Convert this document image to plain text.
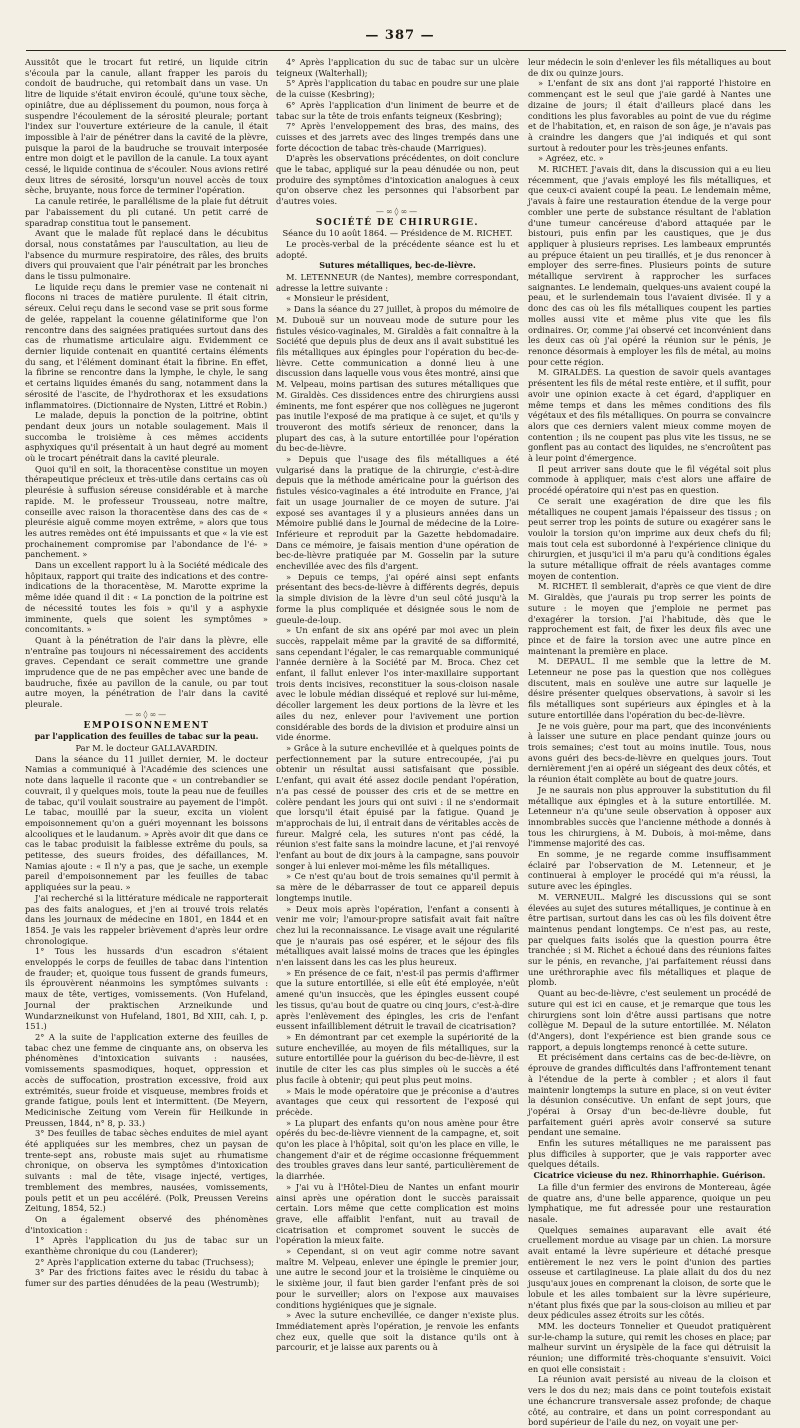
— 387 —

Aussitôt que le trocart fut retiré, un liquide citrin s'écoula par la canule, allant frapper les parois du condoit de baudruche, qui retombait dans un vase. Un litre de liquide s'était environ écoulé, qu'une toux sèche, opiniâtre, due au déplissement du poumon, nous força à suspendre l'écoulement de la sérosité pleurale; portant l'index sur l'ouverture extérieure de la canule, il était impossible à l'air de pénétrer dans la cavité de la plèvre, puisque la paroi de la baudruche se trouvait interposée entre mon doigt et le pavillon de la canule. La toux ayant cessé, le liquide continua de s'écouler. Nous avions retiré deux litres de sérosité, lorsqu'un nouvel accès de toux sèche, bruyante, nous force de terminer l'opération.

La canule retirée, le parallélisme de la plaie fut détruit par l'abaissement du pli cutané. Un petit carré de sparadrap constitua tout le pansement.

Avant que le malade fût replacé dans le décubitus dorsal, nous constatâmes par l'auscultation, au lieu de l'absence du murmure respiratoire, des râles, des bruits divers qui prouvaient que l'air pénétrait par les bronches dans le tissu pulmonaire.

Le liquide reçu dans le premier vase ne contenait ni flocons ni traces de matière purulente. Il était citrin, séreux. Celui reçu dans le second vase se prit sous forme de gelée, rappelant la couenne gélatiniforme que l'on rencontre dans des saignées pratiquées surtout dans des cas de rhumatisme articulaire aigu. Evidemment ce dernier liquide contenait en quantité certains éléments du sang, et l'élément dominant était la fibrine. En effet, la fibrine se rencontre dans la lymphe, le chyle, le sang et certains liquides émanés du sang, notamment dans la sérosité de l'ascite, de l'hydrothorax et les exsudations inflammatoires. (Dictionnaire de Nysten, Littré et Robin.)

Le malade, depuis la ponction de la poitrine, obtint pendant deux jours un notable soulagement. Mais il succomba le troisième à ces mêmes accidents asphyxiques qu'il présentait à un haut degré au moment où le trocart pénétrait dans la cavité pleurale.

Quoi qu'il en soit, la thoracentèse constitue un moyen thérapeutique précieux et très-utile dans certains cas où pleurésie à suffusion séreuse considérable et à marche rapide. M. le professeur Trousseau, notre maître, conseille avec raison la thoracentèse dans des cas de « pleurésie aiguë comme moyen extrême, » alors que tous les autres remèdes ont été impuissants et que « la vie est prochainement compromise par l'abondance de l'é- » panchement. »

Dans un excellent rapport lu à la Société médicale des hôpitaux, rapport qui traite des indications et des contre-indications de la thoracentèse, M. Marotte exprime la même idée quand il dit : « La ponction de la poitrine est de nécessité toutes les fois » qu'il y a asphyxie imminente, quels que soient les symptômes » concomitants. »

Quant à la pénétration de l'air dans la plèvre, elle n'entraîne pas toujours ni nécessairement des accidents graves. Cependant ce serait commettre une grande imprudence que de ne pas empêcher avec une bande de baudruche, fixée au pavillon de la canule, ou par tout autre moyen, la pénétration de l'air dans la cavité pleurale.

—∞◊∞—

EMPOISONNEMENT

par l'application des feuilles de tabac sur la peau.

Par M. le docteur GALLAVARDIN.

Dans la séance du 11 juillet dernier, M. le docteur Namias a communiqué à l'Académie des sciences une note dans laquelle il raconte que « un contrebandier se couvrait, il y quelques mois, toute la peau nue de feuilles de tabac, qu'il voulait soustraire au payement de l'impôt. Le tabac, mouillé par la sueur, excita un violent empoisonnement qu'on a guéri moyennant les boissons alcooliques et le laudanum. » Après avoir dit que dans ce cas le tabac produisit la faiblesse extrême du pouls, sa petitesse, des sueurs froides, des défaillances, M. Namias ajoute : « Il n'y a pas, que je sache, un exemple pareil d'empoisonnement par les feuilles de tabac appliquées sur la peau. »

J'ai recherché si la littérature médicale ne rapporterait pas des faits analogues, et j'en ai trouvé trois relatés dans les journaux de médecine en 1801, en 1844 et en 1854. Je vais les rappeler brièvement d'après leur ordre chronologique.

1° Tous les hussards d'un escadron s'étaient enveloppés le corps de feuilles de tabac dans l'intention de frauder; et, quoique tous fussent de grands fumeurs, ils éprouvèrent néanmoins les symptômes suivants : maux de tête, vertiges, vomissements. (Von Hufeland, Journal der praktischen Arzneikunde und Wundarzneikunst von Hufeland, 1801, Bd XIII, cah. I, p. 151.)

2° A la suite de l'application externe des feuilles de tabac chez une femme de cinquante ans, on observa les phénomènes d'intoxication suivants : nausées, vomissements spasmodiques, hoquet, oppression et accès de suffocation, prostration excessive, froid aux extrémités, sueur froide et visqueuse, membres froids et grande fatigue, pouls lent et intermittent. (De Meyern, Medicinische Zeitung vom Verein für Heilkunde in Preussen, 1844, n° 8, p. 33.)

3° Des feuilles de tabac sèches enduites de miel ayant été appliquées sur les membres, chez un paysan de trente-sept ans, robuste mais sujet au rhumatisme chronique, on observa les symptômes d'intoxication suivants : mal de tête, visage injecté, vertiges, tremblement des membres, nausées, vomissements, pouls petit et un peu accéléré. (Polk, Preussen Vereins Zeitung, 1854, 52.)

On a également observé des phénomènes d'intoxication :

1° Après l'application du jus de tabac sur un exanthème chronique du cou (Landerer);

2° Après l'application externe du tabac (Truchsess);

3° Par des frictions faites avec le résidu du tabac à fumer sur des parties dénudées de la peau (Westrumb);

4° Après l'application du suc de tabac sur un ulcère teigneux (Walterhall);

5° Après l'application du tabac en poudre sur une plaie de la cuisse (Kesbring);

6° Après l'application d'un liniment de beurre et de tabac sur la tête de trois enfants teigneux (Kesbring);

7° Après l'enveloppement des bras, des mains, des cuisses et des jarrets avec des linges trempés dans une forte décoction de tabac très-chaude (Marrigues).

D'après les observations précédentes, on doit conclure que le tabac, appliqué sur la peau dénudée ou non, peut produire des symptômes d'intoxication analogues à ceux qu'on observe chez les personnes qui l'absorbent par d'autres voies.

—∞◊∞—

SOCIÉTÉ DE CHIRURGIE.

Séance du 10 août 1864. — Présidence de M. RICHET.

Le procès-verbal de la précédente séance est lu et adopté.

Sutures métalliques, bec-de-lièvre.

M. LETENNEUR (de Nantes), membre correspondant, adresse la lettre suivante :

« Monsieur le président,

» Dans la séance du 27 juillet, à propos du mémoire de M. Dubouë sur un nouveau mode de suture pour les fistules vésico-vaginales, M. Giraldès a fait connaître à la Société que depuis plus de deux ans il avait substitué les fils métalliques aux épingles pour l'opération du bec-de-lièvre. Cette communication a donné lieu à une discussion dans laquelle vous vous êtes montré, ainsi que M. Velpeau, moins partisan des sutures métalliques que M. Giraldès. Ces dissidences entre des chirurgiens aussi éminents, me font espérer que nos collègues ne jugeront pas inutile l'exposé de ma pratique à ce sujet, et qu'ils y trouveront des motifs sérieux de renoncer, dans la plupart des cas, à la suture entortillée pour l'opération du bec-de-lièvre.

» Depuis que l'usage des fils métalliques a été vulgarisé dans la pratique de la chirurgie, c'est-à-dire depuis que la méthode américaine pour la guérison des fistules vésico-vaginales a été introduite en France, j'ai fait un usage journalier de ce moyen de suture. J'ai exposé ses avantages il y a plusieurs années dans un Mémoire publié dans le Journal de médecine de la Loire-Inférieure et reproduit par la Gazette hebdomadaire. Dans ce mémoire, je faisais mention d'une opération de bec-de-lièvre pratiquée par M. Gosselin par la suture enchevillée avec des fils d'argent.

» Depuis ce temps, j'ai opéré ainsi sept enfants présentant des becs-de-lièvre à différents degrés, depuis la simple division de la lèvre d'un seul côté jusqu'à la forme la plus compliquée et désignée sous le nom de gueule-de-loup.

» Un enfant de six ans opéré par moi avec un plein succès, rappelait même par la gravité de sa difformité, sans cependant l'égaler, le cas remarquable communiqué l'année dernière à la Société par M. Broca. Chez cet enfant, il fallut enlever l'os inter-maxillaire supportant trois dents incisives, reconstituer la sous-cloison nasale avec le lobule médian disséqué et replové sur lui-même, décoller largement les deux portions de la lèvre et les ailes du nez, enlever pour l'avivement une portion considérable des bords de la division et produire ainsi un vide énorme.

» Grâce à la suture enchevillée et à quelques points de perfectionnement par la suture entrecoupée, j'ai pu obtenir un résultat aussi satisfaisant que possible. L'enfant, qui avait été assez docile pendant l'opération, n'a pas cessé de pousser des cris et de se mettre en colère pendant les jours qui ont suivi : il ne s'endormait que lorsqu'il était épuisé par la fatigue. Quand je m'approchais de lui, il entrait dans de véritables accès de fureur. Malgré cela, les sutures n'ont pas cédé, la réunion s'est faite sans la moindre lacune, et j'ai renvoyé l'enfant au bout de dix jours à la campagne, sans pouvoir songer à lui enlever moi-même les fils métalliques.

» Ce n'est qu'au bout de trois semaines qu'il permit à sa mère de le débarrasser de tout ce appareil depuis longtemps inutile.

» Deux mois après l'opération, l'enfant a consenti à venir me voir; l'amour-propre satisfait avait fait naître chez lui la reconnaissance. Le visage avait une régularité que je n'aurais pas osé espérer, et le séjour des fils métalliques avait laissé moins de traces que les épingles n'en laissent dans les cas les plus heureux.

» En présence de ce fait, n'est-il pas permis d'affirmer que la suture entortillée, si elle eût été employée, n'eût amené qu'un insuccès, que les épingles eussent coupé les tissus, qu'au bout de quatre ou cinq jours, c'est-à-dire après l'enlèvement des épingles, les cris de l'enfant eussent infailliblement détruit le travail de cicatrisation?

» En démontrant par cet exemple la supériorité de la suture enchevillée, au moyen de fils métalliques, sur la suture entortillée pour la guérison du bec-de-lièvre, il est inutile de citer les cas plus simples où le succès a été plus facile à obtenir; qui peut plus peut moins.

» Mais le mode opératoire que je préconise a d'autres avantages que ceux qui ressortent de l'exposé qui précède.

» La plupart des enfants qu'on nous amène pour être opérés du bec-de-lièvre viennent de la campagne, et, soit qu'on les place à l'hôpital, soit qu'on les place en ville, le changement d'air et de régime occasionne fréquemment des troubles graves dans leur santé, particulièrement de la diarrhée.

» J'ai vu à l'Hôtel-Dieu de Nantes un enfant mourir ainsi après une opération dont le succès paraissait certain. Lors même que cette complication est moins grave, elle affaiblit l'enfant, nuit au travail de cicatrisation et compromet souvent le succès de l'opération la mieux faite.

» Cependant, si on veut agir comme notre savant maître M. Velpeau, enlever une épingle le premier jour, une autre le second jour et la troisième le cinquième ou le sixième jour, il faut bien garder l'enfant près de soi pour le surveiller; alors on l'expose aux mauvaises conditions hygiéniques que je signale.

» Avec la suture enchevillée, ce danger n'existe plus. Immédiatement après l'opération, je renvoie les enfants chez eux, quelle que soit la distance qu'ils ont à parcourir, et je laisse aux parents ou à

leur médecin le soin d'enlever les fils métalliques au bout de dix ou quinze jours.

» L'enfant de six ans dont j'ai rapporté l'histoire en commençant est le seul que j'aie gardé à Nantes une dizaine de jours; il était d'ailleurs placé dans les conditions les plus favorables au point de vue du régime et de l'habitation, et, en raison de son âge, je n'avais pas à craindre les dangers que j'ai indiqués et qui sont surtout à redouter pour les très-jeunes enfants.

» Agréez, etc. »

M. RICHET. J'avais dit, dans la discussion qui a eu lieu récemment, que j'avais employé les fils métalliques, et que ceux-ci avaient coupé la peau. Le lendemain même, j'avais à faire une restauration étendue de la verge pour combler une perte de substance résultant de l'ablation d'une tumeur cancéreuse d'abord attaquée par le bistouri, puis enfin par les caustiques, que je dus appliquer à plusieurs reprises. Les lambeaux empruntés au prépuce étaient un peu tiraillés, et je dus renoncer à employer des serre-fines. Plusieurs points de suture métallique servirent à rapprocher les surfaces saignantes. Le lendemain, quelques-uns avaient coupé la peau, et le surlendemain tous l'avaient divisée. Il y a donc des cas où les fils métalliques coupent les parties molles aussi vite et même plus vite que les fils ordinaires. Or, comme j'ai observé cet inconvénient dans les deux cas où j'ai opéré la réunion sur le pénis, je renonce désormais à employer les fils de métal, au moins pour cette région.

M. GIRALDÈS. La question de savoir quels avantages présentent les fils de métal reste entière, et il suffit, pour avoir une opinion exacte à cet égard, d'appliquer en même temps et dans les mêmes conditions des fils végétaux et des fils métalliques. On pourra se convaincre alors que ces derniers valent mieux comme moyen de contention ; ils ne coupent pas plus vite les tissus, ne se gonflent pas au contact des liquides, ne s'encroûtent pas à leur point d'émergence.

Il peut arriver sans doute que le fil végétal soit plus commode à appliquer, mais c'est alors une affaire de procédé opératoire qui n'est pas en question.

Ce serait une exagération de dire que les fils métalliques ne coupent jamais l'épaisseur des tissus ; on peut serrer trop les points de suture ou exagérer sans le vouloir la torsion qu'on imprime aux deux chefs du fil; mais tout cela est subordonné à l'expérience clinique du chirurgien, et jusqu'ici il m'a paru qu'à conditions égales la suture métallique offrait de réels avantages comme moyen de contention.

M. RICHET. Il semblerait, d'après ce que vient de dire M. Giraldès, que j'aurais pu trop serrer les points de suture : le moyen que j'emploie ne permet pas d'exagérer la torsion. J'ai l'habitude, dès que le rapprochement est fait, de fixer les deux fils avec une pince et de faire la torsion avec une autre pince en maintenant la première en place.

M. DEPAUL. Il me semble que la lettre de M. Letenneur ne pose pas la question que nos collègues discutent, mais en soulève une autre sur laquelle je désire présenter quelques observations, à savoir si les fils métalliques sont supérieurs aux épingles et à la suture entortillée dans l'opération du bec-de-lièvre.

Je ne vois guère, pour ma part, que des inconvénients à laisser une suture en place pendant quinze jours ou trois semaines; c'est tout au moins inutile. Tous, nous avons guéri des becs-de-lièvre en quelques jours. Tout dernièrement j'en ai opéré un siégeant des deux côtés, et la réunion était complète au bout de quatre jours.

Je ne saurais non plus approuver la substitution du fil métallique aux épingles et à la suture entortillée. M. Letenneur n'a qu'une seule observation à opposer aux innombrables succès que l'ancienne méthode a donnés à tous les chirurgiens, à M. Dubois, à moi-même, dans l'immense majorité des cas.

En somme, je ne regarde comme insuffisamment éclairé par l'observation de M. Letenneur, et je continuerai à employer le procédé qui m'a réussi, la suture avec les épingles.

M. VERNEUIL. Malgré les discussions qui se sont élevées au sujet des sutures métalliques, je continue à en être partisan, surtout dans les cas où les fils doivent être maintenus pendant longtemps. Ce n'est pas, au reste, par quelques faits isolés que la question pourra être tranchée ; si M. Richet a échoué dans des réunions faites sur le pénis, en revanche, j'ai parfaitement réussi dans une uréthroraphie avec fils métalliques et plaque de plomb.

Quant au bec-de-lièvre, c'est seulement un procédé de suture qui est ici en cause, et je remarque que tous les chirurgiens sont loin d'être aussi partisans que notre collègue M. Depaul de la suture entortillée. M. Nélaton (d'Angers), dont l'expérience est bien grande sous ce rapport, a depuis longtemps renoncé à cette suture.

Et précisément dans certains cas de bec-de-lièvre, on éprouve de grandes difficultés dans l'affrontement tenant à l'étendue de la perte à combler ; et alors il faut maintenir longtemps la suture en place, si on veut éviter la désunion consécutive. Un enfant de sept jours, que j'opérai à Orsay d'un bec-de-lièvre double, fut parfaitement guéri après avoir conservé sa suture pendant une semaine.

Enfin les sutures métalliques ne me paraissent pas plus difficiles à supporter, que je vais rapporter avec quelques détails.

Cicatrice vicieuse du nez. Rhinorrhaphie. Guérison.

La fille d'un fermier des environs de Montereau, âgée de quatre ans, d'une belle apparence, quoique un peu lymphatique, me fut adressée pour une restauration nasale.

Quelques semaines auparavant elle avait été cruellement mordue au visage par un chien. La morsure avait entamé la lèvre supérieure et détaché presque entièrement le nez vers le point d'union des parties osseuse et cartilagineuse. La plaie allait du dos du nez jusqu'aux joues en comprenant la cloison, de sorte que le lobule et les ailes tombaient sur la lèvre supérieure, n'étant plus fixés que par la sous-cloison au milieu et par deux pédicules assez étroits sur les côtés.

MM. les docteurs Tonnelier et Queudot pratiquèrent sur-le-champ la suture, qui remit les choses en place; par malheur survint un érysipèle de la face qui détruisit la réunion; une difformité très-choquante s'ensuivit. Voici en quoi elle consistait :

La réunion avait persisté au niveau de la cloison et vers le dos du nez; mais dans ce point toutefois existait une échancrure transversale assez profonde; de chaque côté, au contraire, et dans un point correspondant au bord supérieur de l'aile du nez, on voyait une per-
